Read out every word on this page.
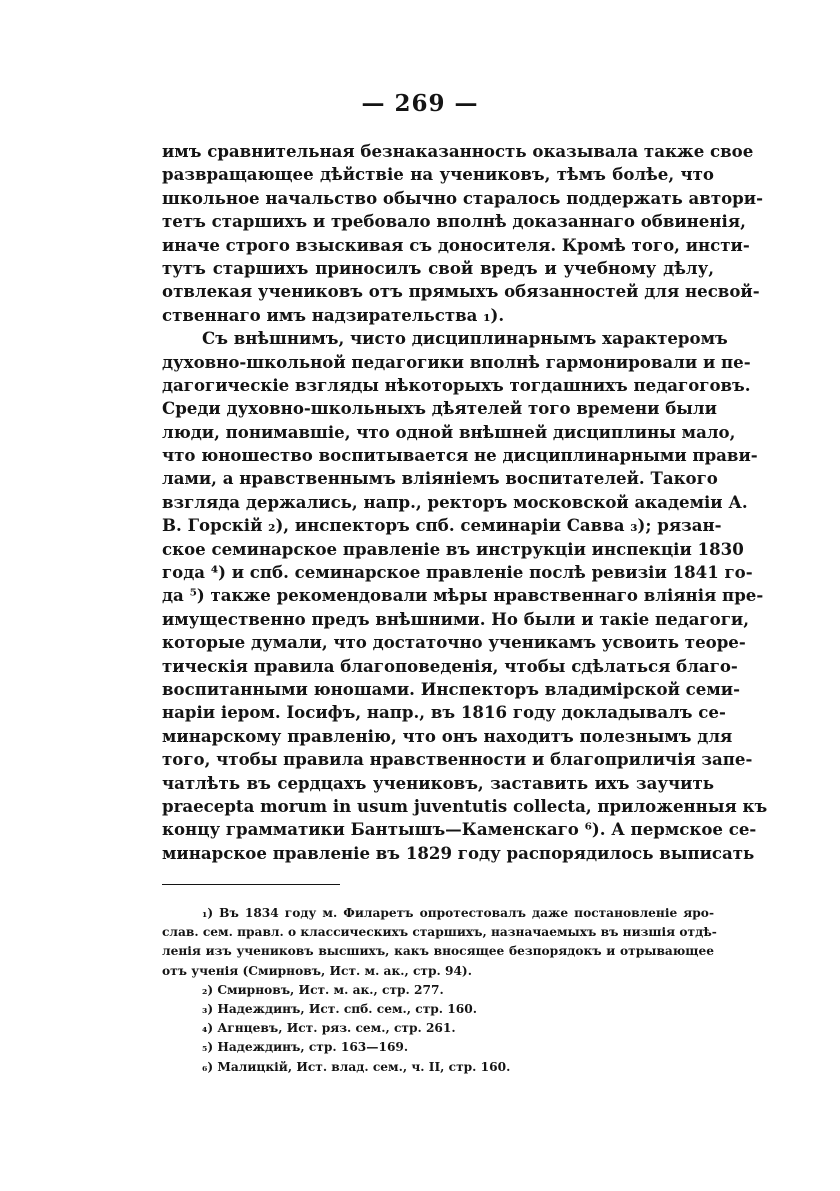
— 269 —
имъ сравнительная безнаказанность оказывала также свое
развращающее дѣйствіе на учениковъ, тѣмъ болѣе, что
школьное начальство обычно старалось поддержать автори-
тетъ старшихъ и требовало вполнѣ доказаннаго обвиненія,
иначе строго взыскивая съ доносителя. Кромѣ того, инсти-
тутъ старшихъ приносилъ свой вредъ и учебному дѣлу,
отвлекая учениковъ отъ прямыхъ обязанностей для несвой-
ственнаго имъ надзирательства ₁).
Съ внѣшнимъ, чисто дисциплинарнымъ характеромъ
духовно-школьной педагогики вполнѣ гармонировали и пе-
дагогическіе взгляды нѣкоторыхъ тогдашнихъ педагоговъ.
Среди духовно-школьныхъ дѣятелей того времени были
люди, понимавшіе, что одной внѣшней дисциплины мало,
что юношество воспитывается не дисциплинарными прави-
лами, а нравственнымъ вліяніемъ воспитателей. Такого
взгляда держались, напр., ректоръ московской академіи А.
В. Горскій ₂), инспекторъ спб. семинаріи Савва ₃); рязан-
ское семинарское правленіе въ инструкціи инспекціи 1830
года ⁴) и спб. семинарское правленіе послѣ ревизіи 1841 го-
да ⁵) также рекомендовали мѣры нравственнаго вліянія пре-
имущественно предъ внѣшними. Но были и такіе педагоги,
которые думали, что достаточно ученикамъ усвоить теоре-
тическія правила благоповеденія, чтобы сдѣлаться благо-
воспитанными юношами. Инспекторъ владимірской семи-
наріи іером. Іосифъ, напр., въ 1816 году докладывалъ се-
минарскому правленію, что онъ находитъ полезнымъ для
того, чтобы правила нравственности и благоприличія запе-
чатлѣть въ сердцахъ учениковъ, заставить ихъ заучить
praecepta morum in usum juventutis collecta, приложенныя къ
концу грамматики Бантышъ—Каменскаго ⁶). А пермское се-
минарское правленіе въ 1829 году распорядилось выписать
₁) Въ 1834 году м. Филаретъ опротестовалъ даже постановленіе яро-
слав. сем. правл. о классическихъ старшихъ, назначаемыхъ въ низшія отдѣ-
ленія изъ учениковъ высшихъ, какъ вносящее безпорядокъ и отрывающее
отъ ученія (Смирновъ, Ист. м. ак., стр. 94).
₂) Смирновъ, Ист. м. ак., стр. 277.
₃) Надеждинъ, Ист. спб. сем., стр. 160.
₄) Агнцевъ, Ист. ряз. сем., стр. 261.
₅) Надеждинъ, стр. 163—169.
₆) Малицкій, Ист. влад. сем., ч. II, стр. 160.
